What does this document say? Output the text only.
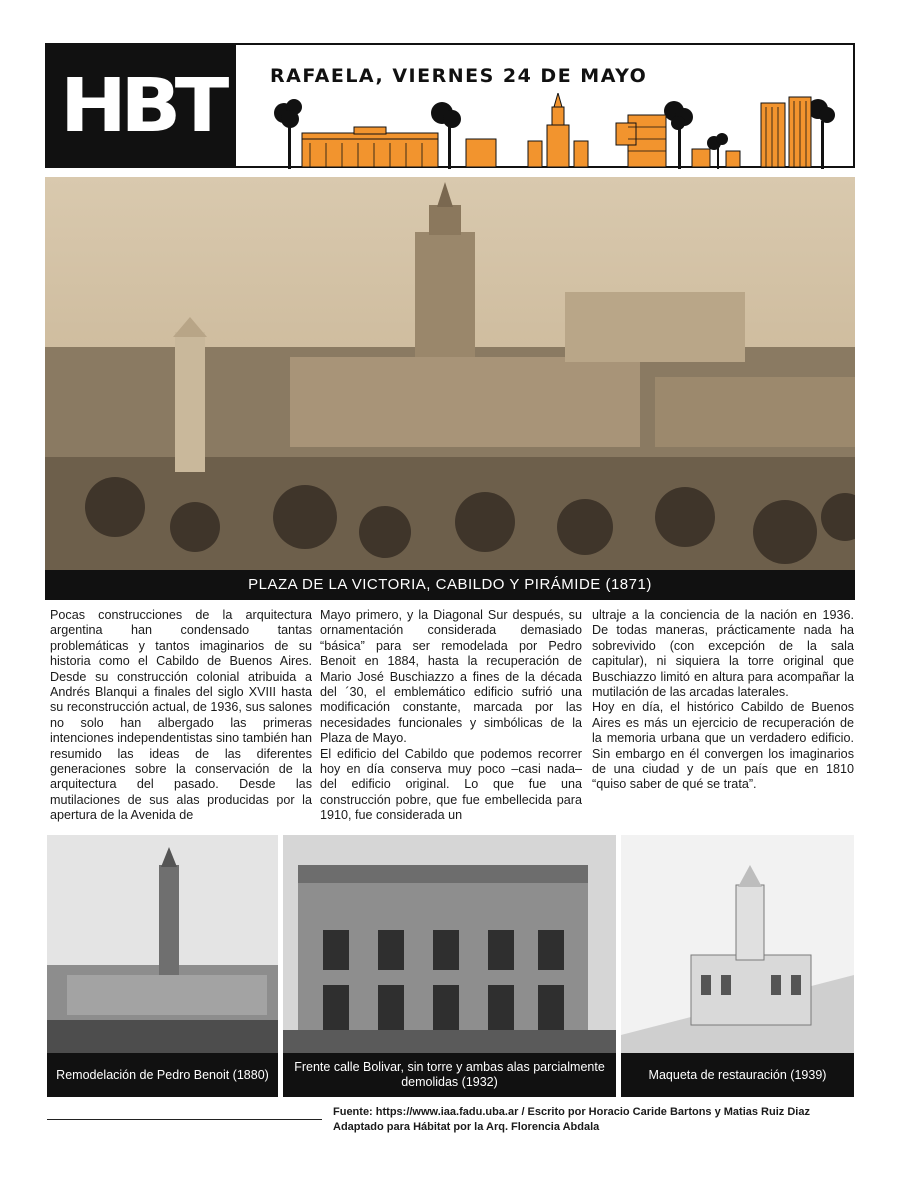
HBT RAFAELA, VIERNES 24 DE MAYO
PLAZA DE LA VICTORIA, CABILDO Y PIRÁMIDE (1871)

Pocas construcciones de la arquitectura argentina han condensado tantas problemáticas y tantos imaginarios de su historia como el Cabildo de Buenos Aires. Desde su construcción colonial atribuida a Andrés Blanqui a finales del siglo XVIII hasta su reconstrucción actual, de 1936, sus salones no solo han albergado las primeras intenciones independentistas sino también han resumido las ideas de las diferentes generaciones sobre la conservación de la arquitectura del pasado. Desde las mutilaciones de sus alas producidas por la apertura de la Avenida de

Mayo primero, y la Diagonal Sur después, su ornamentación considerada demasiado “básica” para ser remodelada por Pedro Benoit en 1884, hasta la recuperación de Mario José Buschiazzo a fines de la década del ´30, el emblemático edificio sufrió una modificación constante, marcada por las necesidades funcionales y simbólicas de la Plaza de Mayo.

El edificio del Cabildo que podemos recorrer hoy en día conserva muy poco –casi nada– del edificio original. Lo que fue una construcción pobre, que fue embellecida para 1910, fue considerada un

ultraje a la conciencia de la nación en 1936. De todas maneras, prácticamente nada ha sobrevivido (con excepción de la sala capitular), ni siquiera la torre original que Buschiazzo limitó en altura para acompañar la mutilación de las arcadas laterales.

Hoy en día, el histórico Cabildo de Buenos Aires es más un ejercicio de recuperación de la memoria urbana que un verdadero edificio. Sin embargo en él convergen los imaginarios de una ciudad y de un país que en 1810 “quiso saber de qué se trata”.

Remodelación de Pedro Benoit (1880)
Frente calle Bolivar, sin torre y ambas alas parcialmente demolidas (1932)
Maqueta de restauración (1939)
Fuente: https://www.iaa.fadu.uba.ar / Escrito por Horacio Caride Bartons y Matias Ruiz Diaz
Adaptado para Hábitat por la Arq. Florencia Abdala
